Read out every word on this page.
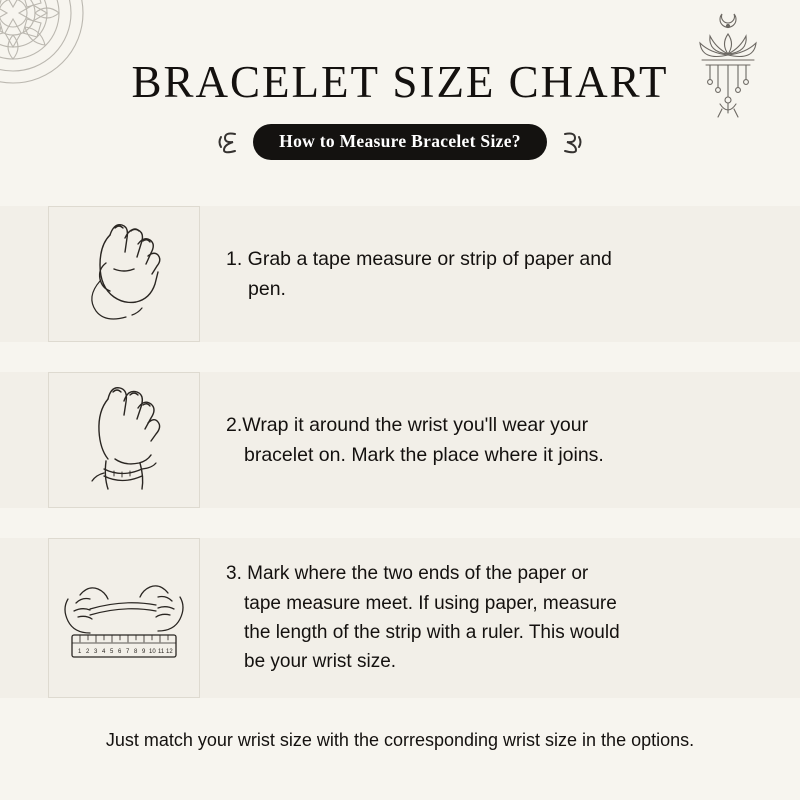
BRACELET SIZE CHART
How to Measure Bracelet Size?
1. Grab a tape measure or strip of paper and
pen.
2.Wrap it around the wrist you'll wear your
bracelet on. Mark the place where it joins.
1 2 3 4 5 6 7 8 9 10 11 12
3. Mark where the two ends of the paper or
tape measure meet. If using paper, measure
the length of the strip with a ruler. This would
be your wrist size.
Just match your wrist size with the corresponding wrist size in the options.
